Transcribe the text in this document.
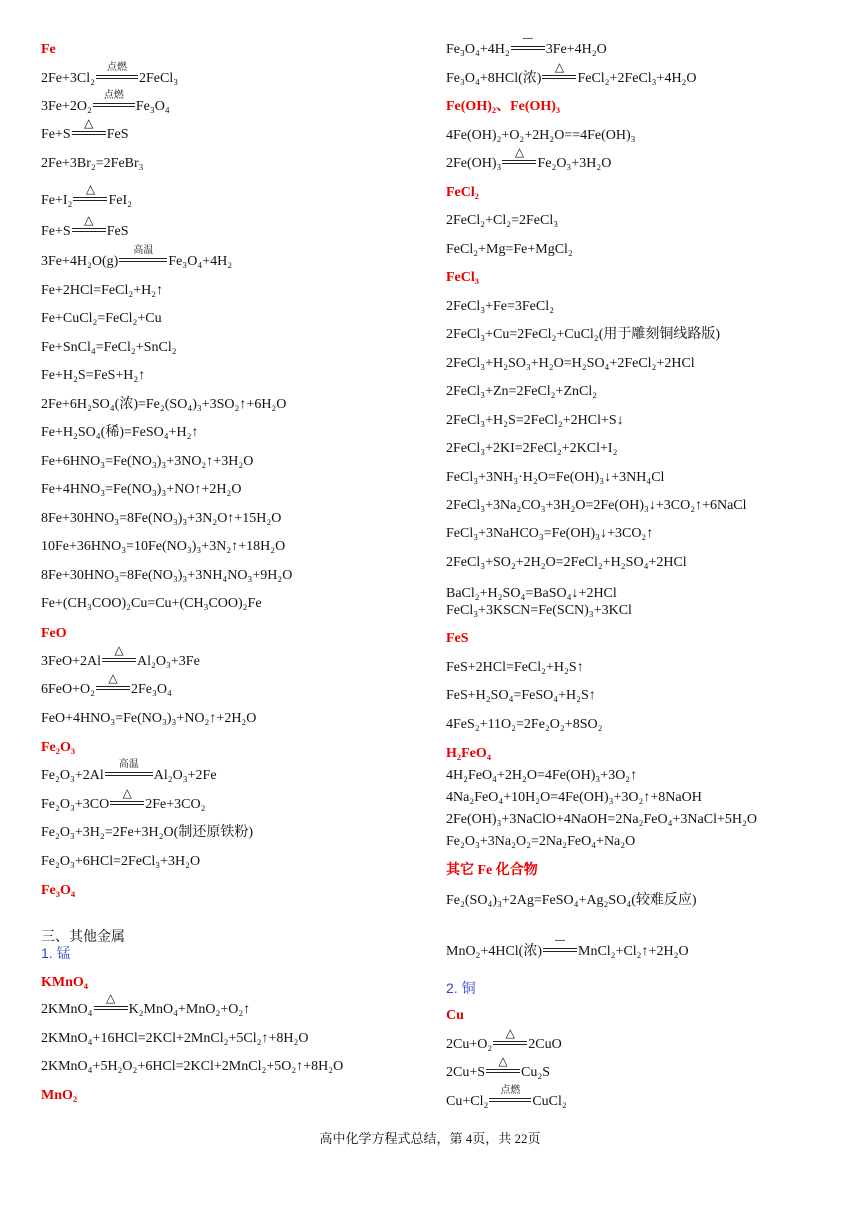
Fe
2Fe+3Cl₂
点燃
2FeCl₃
3Fe+2O₂
点燃
Fe₃O₄
Fe+S
△
FeS
2Fe+3Br₂=2FeBr₃
Fe+I₂
△
FeI₂
Fe+S
△
FeS
3Fe+4H₂O(g)
高温
Fe₃O₄+4H₂
Fe+2HCl=FeCl₂+H₂↑
Fe+CuCl₂=FeCl₂+Cu
Fe+SnCl₄=FeCl₂+SnCl₂
Fe+H₂S=FeS+H₂↑
2Fe+6H₂SO₄(浓)=Fe₂(SO₄)₃+3SO₂↑+6H₂O
Fe+H₂SO₄(稀)=FeSO₄+H₂↑
Fe+6HNO₃=Fe(NO₃)₃+3NO₂↑+3H₂O
Fe+4HNO₃=Fe(NO₃)₃+NO↑+2H₂O
8Fe+30HNO₃=8Fe(NO₃)₃+3N₂O↑+15H₂O
10Fe+36HNO₃=10Fe(NO₃)₃+3N₂↑+18H₂O
8Fe+30HNO₃=8Fe(NO₃)₃+3NH₄NO₃+9H₂O
Fe+(CH₃COO)₂Cu=Cu+(CH₃COO)₂Fe
FeO
3FeO+2Al
△
Al₂O₃+3Fe
6FeO+O₂
△
2Fe₃O₄
FeO+4HNO₃=Fe(NO₃)₃+NO₂↑+2H₂O
Fe₂O₃
Fe₂O₃+2Al
高温
Al₂O₃+2Fe
Fe₂O₃+3CO
△
2Fe+3CO₂
Fe₂O₃+3H₂=2Fe+3H₂O(制还原铁粉)
Fe₂O₃+6HCl=2FeCl₃+3H₂O
Fe₃O₄
三、其他金属
1. 锰
KMnO₄
2KMnO₄
△
K₂MnO₄+MnO₂+O₂↑
2KMnO₄+16HCl=2KCl+2MnCl₂+5Cl₂↑+8H₂O
2KMnO₄+5H₂O₂+6HCl=2KCl+2MnCl₂+5O₂↑+8H₂O
MnO₂
Fe₃O₄+4H₂
—
3Fe+4H₂O
Fe₃O₄+8HCl(浓)
△
FeCl₂+2FeCl₃+4H₂O
Fe(OH)₂、Fe(OH)₃
4Fe(OH)₂+O₂+2H₂O==4Fe(OH)₃
2Fe(OH)₃
△
Fe₂O₃+3H₂O
FeCl₂
2FeCl₂+Cl₂=2FeCl₃
FeCl₂+Mg=Fe+MgCl₂
FeCl₃
2FeCl₃+Fe=3FeCl₂
2FeCl₃+Cu=2FeCl₂+CuCl₂(用于雕刻铜线路版)
2FeCl₃+H₂SO₃+H₂O=H₂SO₄+2FeCl₂+2HCl
2FeCl₃+Zn=2FeCl₂+ZnCl₂
2FeCl₃+H₂S=2FeCl₂+2HCl+S↓
2FeCl₃+2KI=2FeCl₂+2KCl+I₂
FeCl₃+3NH₃·H₂O=Fe(OH)₃↓+3NH₄Cl
2FeCl₃+3Na₂CO₃+3H₂O=2Fe(OH)₃↓+3CO₂↑+6NaCl
FeCl₃+3NaHCO₃=Fe(OH)₃↓+3CO₂↑
2FeCl₃+SO₂+2H₂O=2FeCl₂+H₂SO₄+2HCl
BaCl₂+H₂SO₄=BaSO₄↓+2HCl
FeCl₃+3KSCN=Fe(SCN)₃+3KCl
FeS
FeS+2HCl=FeCl₂+H₂S↑
FeS+H₂SO₄=FeSO₄+H₂S↑
4FeS₂+11O₂=2Fe₂O₂+8SO₂
H₂FeO₄
4H₂FeO₄+2H₂O=4Fe(OH)₃+3O₂↑
4Na₂FeO₄+10H₂O=4Fe(OH)₃+3O₂↑+8NaOH
2Fe(OH)₃+3NaClO+4NaOH=2Na₂FeO₄+3NaCl+5H₂O
Fe₂O₃+3Na₂O₂=2Na₂FeO₄+Na₂O
其它 Fe 化合物
Fe₂(SO₄)₃+2Ag=FeSO₄+Ag₂SO₄(较难反应)
MnO₂+4HCl(浓)
—
MnCl₂+Cl₂↑+2H₂O
2. 铜
Cu
2Cu+O₂
△
2CuO
2Cu+S
△
Cu₂S
Cu+Cl₂
点燃
CuCl₂
高中化学方程式总结，第 4页，共 22页
